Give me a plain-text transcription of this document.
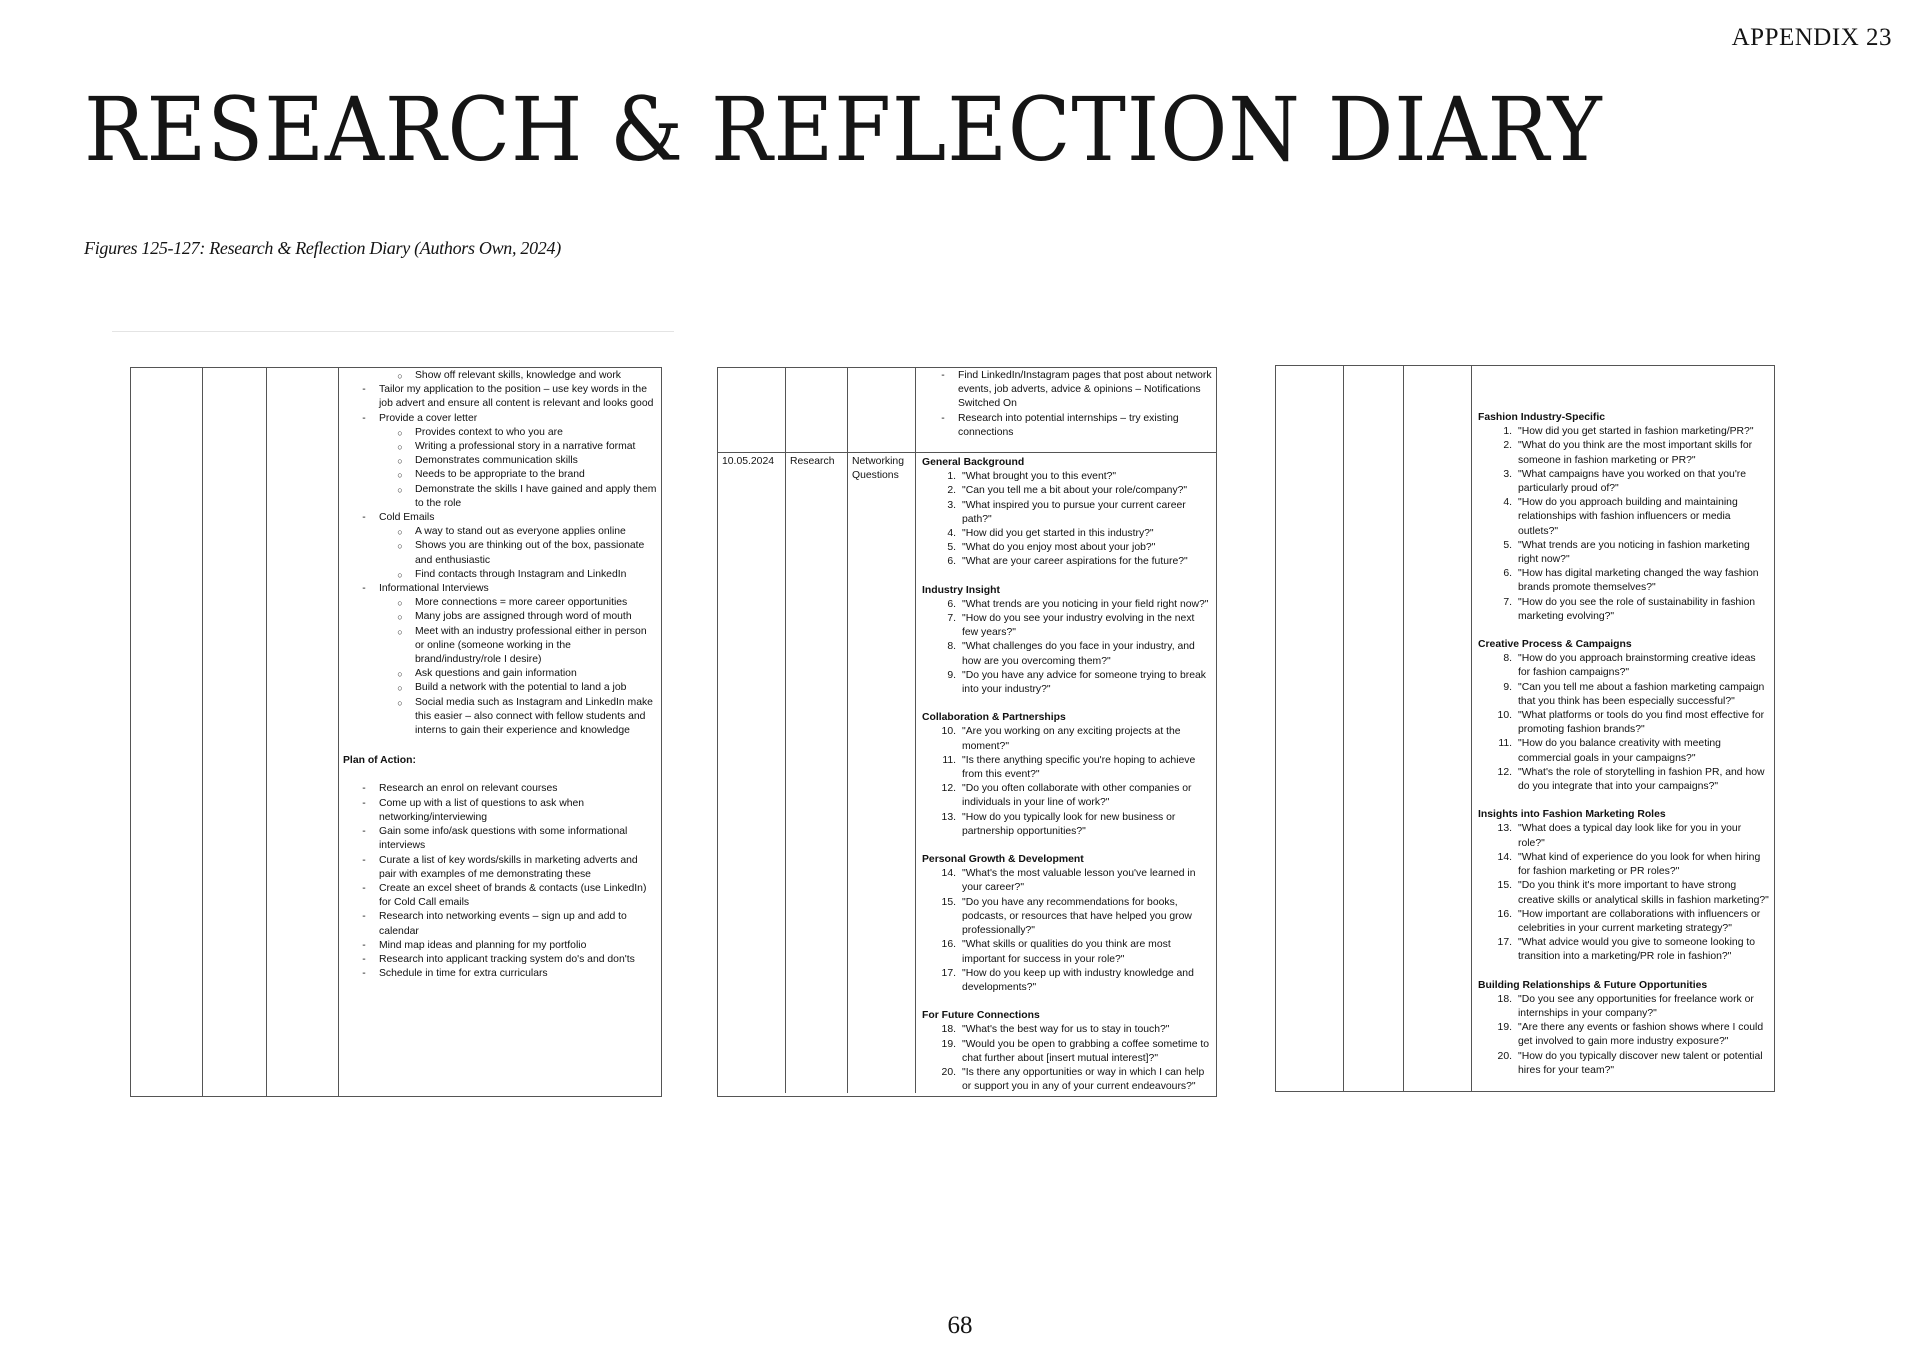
APPENDIX 23
RESEARCH & REFLECTION DIARY
Figures 125-127: Research & Reflection Diary (Authors Own, 2024)
○	Show off relevant skills, knowledge and work
-	Tailor my application to the position – use key words in the job advert and ensure all content is relevant and looks good
-	Provide a cover letter
○	Provides context to who you are
○	Writing a professional story in a narrative format
○	Demonstrates communication skills
○	Needs to be appropriate to the brand
○	Demonstrate the skills I have gained and apply them to the role
-	Cold Emails
○	A way to stand out as everyone applies online
○	Shows you are thinking out of the box, passionate and enthusiastic
○	Find contacts through Instagram and LinkedIn
-	Informational Interviews
○	More connections = more career opportunities
○	Many jobs are assigned through word of mouth
○	Meet with an industry professional either in person or online (someone working in the brand/industry/role I desire)
○	Ask questions and gain information
○	Build a network with the potential to land a job
○	Social media such as Instagram and LinkedIn make this easier – also connect with fellow students and interns to gain their experience and knowledge
Plan of Action:
-	Research an enrol on relevant courses
-	Come up with a list of questions to ask when networking/interviewing
-	Gain some info/ask questions with some informational interviews
-	Curate a list of key words/skills in marketing adverts and pair with examples of me demonstrating these
-	Create an excel sheet of brands & contacts (use LinkedIn) for Cold Call emails
-	Research into networking events – sign up and add to calendar
-	Mind map ideas and planning for my portfolio
-	Research into applicant tracking system do's and don'ts
-	Schedule in time for extra curriculars
-	Find LinkedIn/Instagram pages that post about network events, job adverts, advice & opinions – Notifications Switched On
-	Research into potential internships – try existing connections
10.05.2024	Research	Networking Questions
General Background
1. "What brought you to this event?"
2. "Can you tell me a bit about your role/company?"
3. "What inspired you to pursue your current career path?"
4. "How did you get started in this industry?"
5. "What do you enjoy most about your job?"
6. "What are your career aspirations for the future?"
Industry Insight
6. "What trends are you noticing in your field right now?"
7. "How do you see your industry evolving in the next few years?"
8. "What challenges do you face in your industry, and how are you overcoming them?"
9. "Do you have any advice for someone trying to break into your industry?"
Collaboration & Partnerships
10. "Are you working on any exciting projects at the moment?"
11. "Is there anything specific you're hoping to achieve from this event?"
12. "Do you often collaborate with other companies or individuals in your line of work?"
13. "How do you typically look for new business or partnership opportunities?"
Personal Growth & Development
14. "What's the most valuable lesson you've learned in your career?"
15. "Do you have any recommendations for books, podcasts, or resources that have helped you grow professionally?"
16. "What skills or qualities do you think are most important for success in your role?"
17. "How do you keep up with industry knowledge and developments?"
For Future Connections
18. "What's the best way for us to stay in touch?"
19. "Would you be open to grabbing a coffee sometime to chat further about [insert mutual interest]?"
20. "Is there any opportunities or way in which I can help or support you in any of your current endeavours?"
Fashion Industry-Specific
1. "How did you get started in fashion marketing/PR?"
2. "What do you think are the most important skills for someone in fashion marketing or PR?"
3. "What campaigns have you worked on that you're particularly proud of?"
4. "How do you approach building and maintaining relationships with fashion influencers or media outlets?"
5. "What trends are you noticing in fashion marketing right now?"
6. "How has digital marketing changed the way fashion brands promote themselves?"
7. "How do you see the role of sustainability in fashion marketing evolving?"
Creative Process & Campaigns
8. "How do you approach brainstorming creative ideas for fashion campaigns?"
9. "Can you tell me about a fashion marketing campaign that you think has been especially successful?"
10. "What platforms or tools do you find most effective for promoting fashion brands?"
11. "How do you balance creativity with meeting commercial goals in your campaigns?"
12. "What's the role of storytelling in fashion PR, and how do you integrate that into your campaigns?"
Insights into Fashion Marketing Roles
13. "What does a typical day look like for you in your role?"
14. "What kind of experience do you look for when hiring for fashion marketing or PR roles?"
15. "Do you think it's more important to have strong creative skills or analytical skills in fashion marketing?"
16. "How important are collaborations with influencers or celebrities in your current marketing strategy?"
17. "What advice would you give to someone looking to transition into a marketing/PR role in fashion?"
Building Relationships & Future Opportunities
18. "Do you see any opportunities for freelance work or internships in your company?"
19. "Are there any events or fashion shows where I could get involved to gain more industry exposure?"
20. "How do you typically discover new talent or potential hires for your team?"
68
